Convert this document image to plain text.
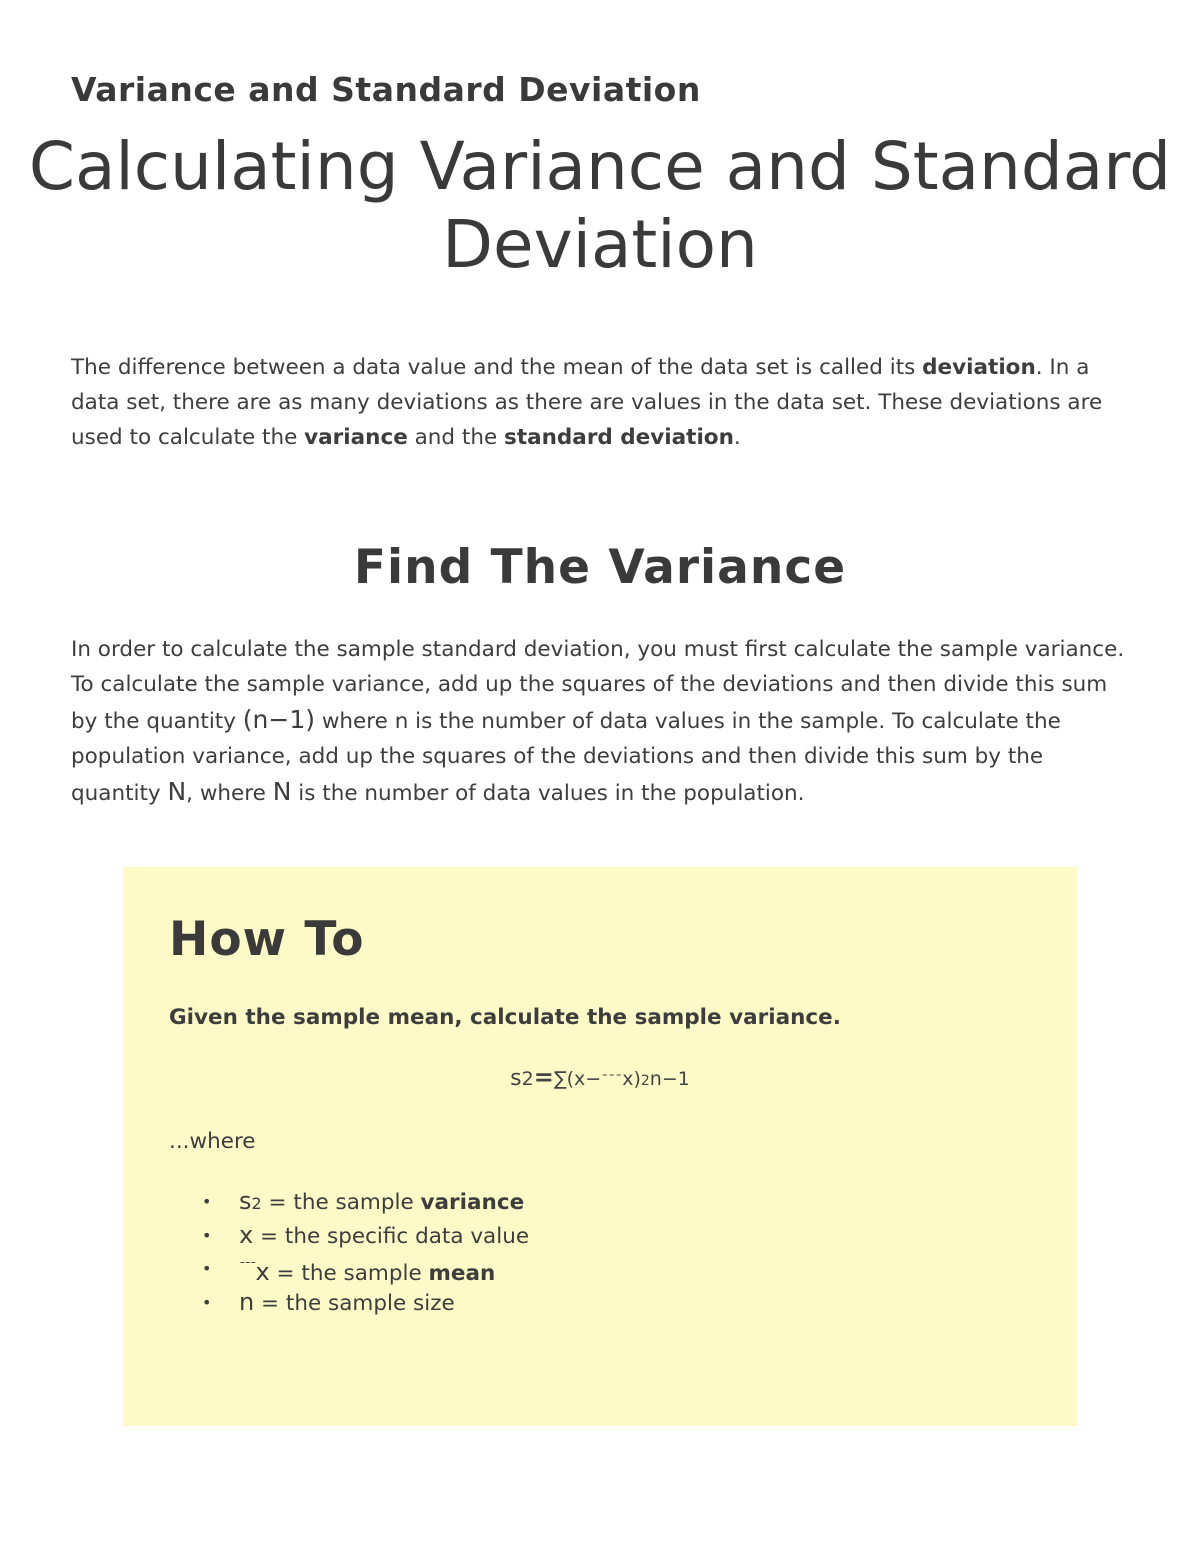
Variance and Standard Deviation
Calculating Variance and Standard Deviation

The difference between a data value and the mean of the data set is called its deviation. In a data set, there are as many deviations as there are values in the data set. These deviations are used to calculate the variance and the standard deviation.

Find The Variance

In order to calculate the sample standard deviation, you must first calculate the sample variance. To calculate the sample variance, add up the squares of the deviations and then divide this sum by the quantity (n−1) where n is the number of data values in the sample. To calculate the population variance, add up the squares of the deviations and then divide this sum by the quantity N, where N is the number of data values in the population.

How To

Given the sample mean, calculate the sample variance.

s2=∑(x−¯¯¯x)2n−1

...where

• s2 = the sample variance
• x = the specific data value
• ¯¯¯x = the sample mean
• n = the sample size
